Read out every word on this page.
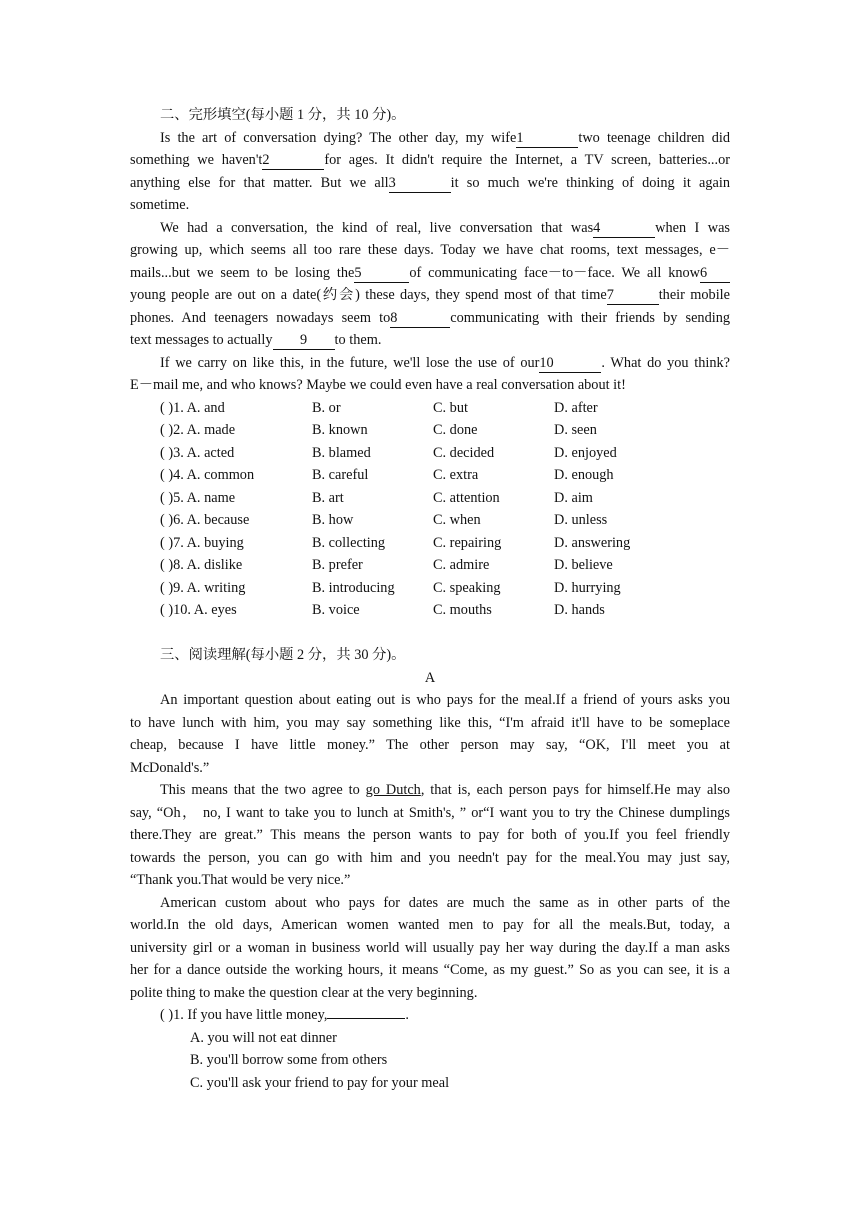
二、完形填空(每小题 1 分，共 10 分)。
Is the art of conversation dying? The other day, my wife1	two teenage children did
something we haven't2	for ages. It didn't require the Internet, a TV screen, batteries...or
anything else for that matter. But we all3	it so much we're thinking of doing it again
sometime.
We had a conversation, the kind of real, live conversation that was4	when I was
growing up, which seems all too rare these days. Today we have chat rooms, text messages, e－
mails...but we seem to be losing the5	of communicating face－to－face. We all know6
young people are out on a date(约会) these days, they spend most of that time7	their mobile
phones. And teenagers nowadays seem to8	communicating with their friends by sending
text messages to actually 9 to them.
If we carry on like this, in the future, we'll lose the use of our10	. What do you think?
E－mail me, and who knows? Maybe we could even have a real conversation about it!
( )1. A. and	B. or	C. but	D. after
( )2. A. made	B. known	C. done	D. seen
( )3. A. acted	B. blamed	C. decided	D. enjoyed
( )4. A. common	B. careful	C. extra	D. enough
( )5. A. name	B. art	C. attention	D. aim
( )6. A. because	B. how	C. when	D. unless
( )7. A. buying	B. collecting	C. repairing	D. answering
( )8. A. dislike	B. prefer	C. admire	D. believe
( )9. A. writing	B. introducing	C. speaking	D. hurrying
( )10. A. eyes	B. voice	C. mouths	D. hands
三、阅读理解(每小题 2 分，共 30 分)。
A
An important question about eating out is who pays for the meal.If a friend of yours asks you
to have lunch with him, you may say something like this, “I'm afraid it'll have to be someplace
cheap, because I have little money.” The other person may say, “OK, I'll meet you at
McDonald's.”
This means that the two agree to go Dutch, that is, each person pays for himself.He may also
say, “Oh， no, I want to take you to lunch at Smith's, ” or“I want you to try the Chinese dumplings
there.They are great.” This means the person wants to pay for both of you.If you feel friendly
towards the person, you can go with him and you needn't pay for the meal.You may just say,
“Thank you.That would be very nice.”
American custom about who pays for dates are much the same as in other parts of the
world.In the old days, American women wanted men to pay for all the meals.But, today, a
university girl or a woman in business world will usually pay her way during the day.If a man asks
her for a dance outside the working hours, it means “Come, as my guest.” So as you can see, it is a
polite thing to make the question clear at the very beginning.
( )1. If you have little money,	.
A. you will not eat dinner
B. you'll borrow some from others
C. you'll ask your friend to pay for your meal
